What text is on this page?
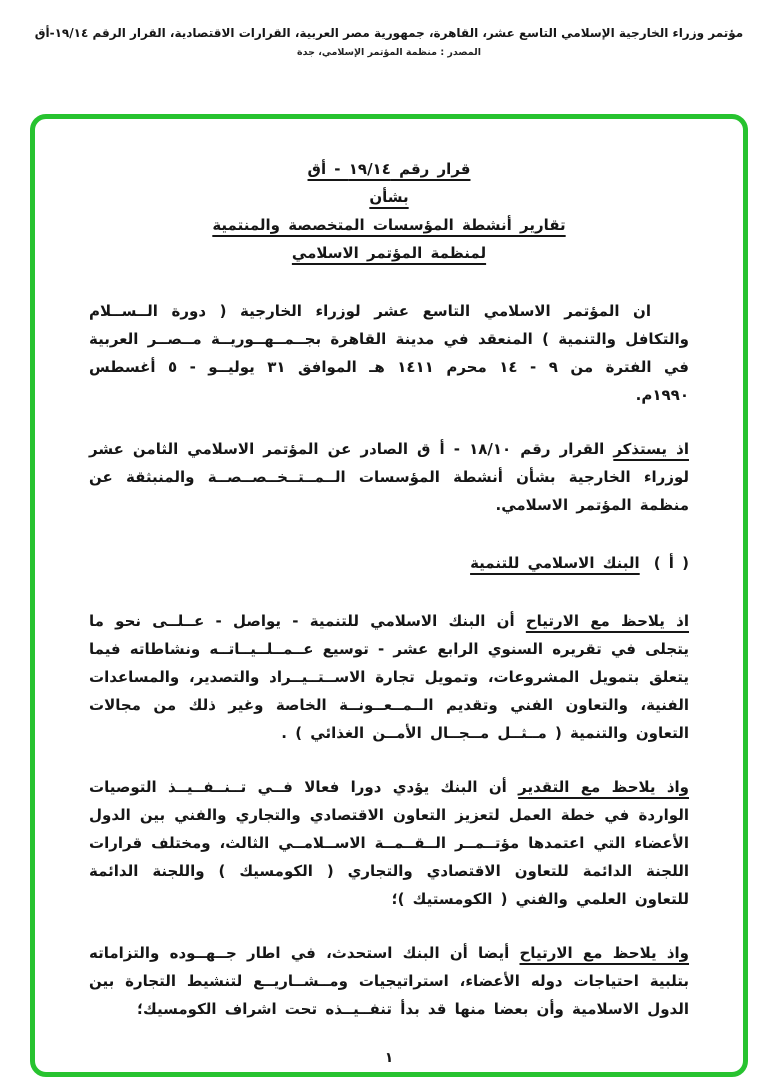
مؤتمر وزراء الخارجية الإسلامي التاسع عشر، القاهرة، جمهورية مصر العربية، القرارات الاقتصادية، القرار الرقم ١٩/١٤-أق
المصدر : منظمة المؤتمر الإسلامي، جدة
قرار رقم ١٩/١٤ - أق
بشأن
تقارير أنشطة المؤسسات المتخصصة والمنتمية
لمنظمة المؤتمر الاسلامي

ان المؤتمر الاسلامي التاسع عشر لوزراء الخارجية ( دورة الــســلام والتكافل والتنمية ) المنعقد في مدينة القاهرة بجــمــهــوريــة مــصــر العربية في الفترة من ٩ - ١٤ محرم ١٤١١ هـ الموافق ٣١ يوليــو - ٥ أغسطس ١٩٩٠م.

اذ يستذكر القرار رقم ١٨/١٠ - أ ق الصادر عن المؤتمر الاسلامي الثامن عشر لوزراء الخارجية بشأن أنشطة المؤسسات الــمــتــخــصــصــة والمنبثقة عن منظمة المؤتمر الاسلامي.

( أ )البنك الاسلامي للتنمية

اذ يلاحظ مع الارتياح أن البنك الاسلامي للتنمية - يواصل - عــلــى نحو ما يتجلى في تقريره السنوي الرابع عشر - توسيع عــمــلــيــاتــه ونشاطاته فيما يتعلق بتمويل المشروعات، وتمويل تجارة الاســتــيــراد والتصدير، والمساعدات الفنية، والتعاون الفني وتقديم الــمــعــونــة الخاصة وغير ذلك من مجالات التعاون والتنمية ( مــثــل مــجــال الأمــن الغذائي ) .

واذ يلاحظ مع التقدير أن البنك يؤدي دورا فعالا فــي تــنــفــيــذ التوصيات الواردة في خطة العمل لتعزيز التعاون الاقتصادي والتجاري والفني بين الدول الأعضاء التي اعتمدها مؤتــمــر الــقــمــة الاســلامــي الثالث، ومختلف قرارات اللجنة الدائمة للتعاون الاقتصادي والتجاري ( الكومسيك ) واللجنة الدائمة للتعاون العلمي والفني ( الكومستيك )؛

واذ يلاحظ مع الارتياح أيضا أن البنك استحدث، في اطار جــهــوده والتزاماته بتلبية احتياجات دوله الأعضاء، استراتيجيات ومــشــاريــع لتنشيط التجارة بين الدول الاسلامية وأن بعضا منها قد بدأ تنفــيــذه تحت اشراف الكومسيك؛

١
